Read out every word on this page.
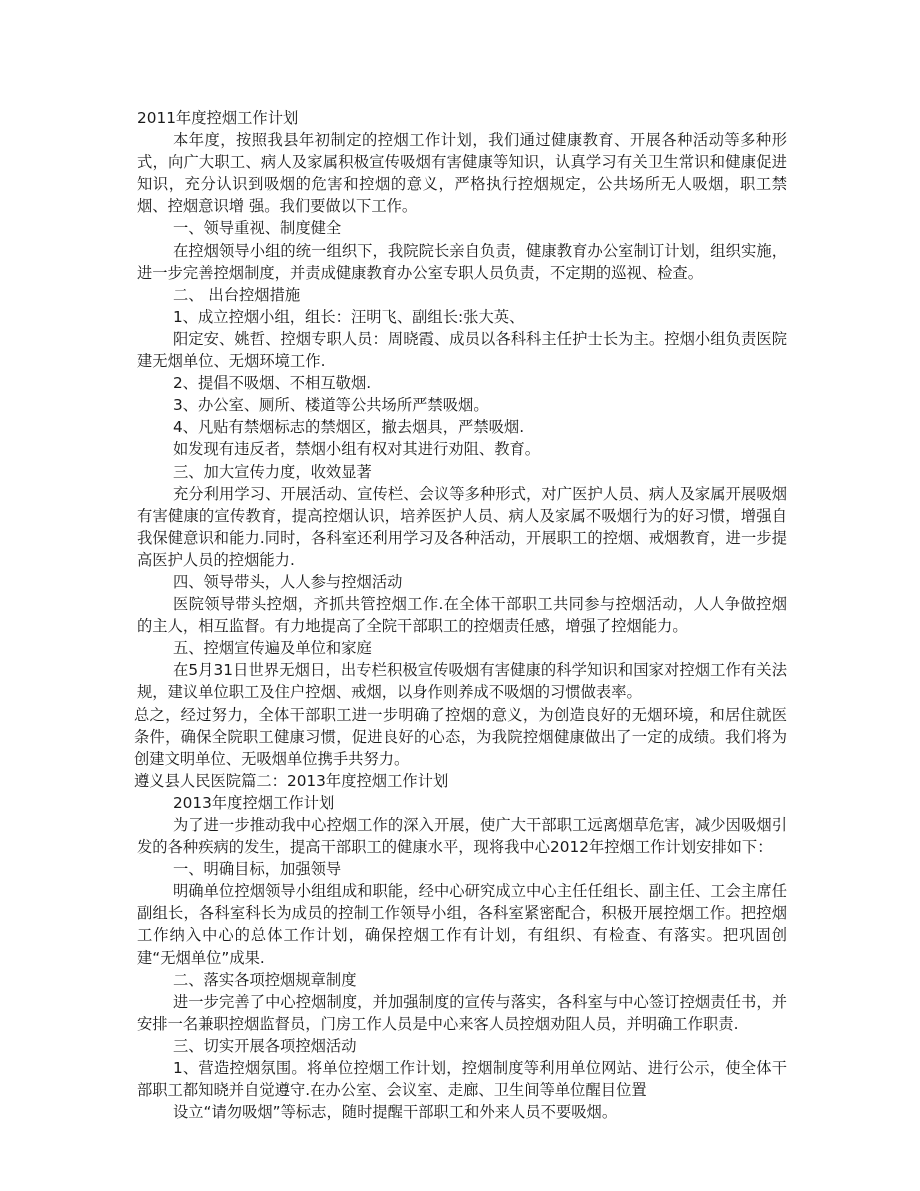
2011年度控烟工作计划

本年度，按照我县年初制定的控烟工作计划，我们通过健康教育、开展各种活动等多种形式，向广大职工、病人及家属积极宣传吸烟有害健康等知识，认真学习有关卫生常识和健康促进知识，充分认识到吸烟的危害和控烟的意义，严格执行控烟规定，公共场所无人吸烟，职工禁烟、控烟意识增 强。我们要做以下工作。

一、领导重视、制度健全

在控烟领导小组的统一组织下，我院院长亲自负责，健康教育办公室制订计划，组织实施，进一步完善控烟制度，并责成健康教育办公室专职人员负责，不定期的巡视、检查。

二、 出台控烟措施

1、成立控烟小组，组长：汪明飞、副组长:张大英、

阳定安、姚哲、控烟专职人员：周晓霞、成员以各科科主任护士长为主。控烟小组负责医院建无烟单位、无烟环境工作.

2、提倡不吸烟、不相互敬烟.

3、办公室、厕所、楼道等公共场所严禁吸烟。

4、凡贴有禁烟标志的禁烟区，撤去烟具，严禁吸烟.

如发现有违反者，禁烟小组有权对其进行劝阻、教育。

三、加大宣传力度，收效显著

充分利用学习、开展活动、宣传栏、会议等多种形式，对广医护人员、病人及家属开展吸烟有害健康的宣传教育，提高控烟认识，培养医护人员、病人及家属不吸烟行为的好习惯，增强自我保健意识和能力.同时，各科室还利用学习及各种活动，开展职工的控烟、戒烟教育，进一步提高医护人员的控烟能力.

四、领导带头，人人参与控烟活动

医院领导带头控烟，齐抓共管控烟工作.在全体干部职工共同参与控烟活动，人人争做控烟的主人，相互监督。有力地提高了全院干部职工的控烟责任感，增强了控烟能力。

五、控烟宣传遍及单位和家庭

在5月31日世界无烟日，出专栏积极宣传吸烟有害健康的科学知识和国家对控烟工作有关法规，建议单位职工及住户控烟、戒烟，以身作则养成不吸烟的习惯做表率。

总之，经过努力，全体干部职工进一步明确了控烟的意义，为创造良好的无烟环境，和居住就医条件，确保全院职工健康习惯，促进良好的心态，为我院控烟健康做出了一定的成绩。我们将为创建文明单位、无吸烟单位携手共努力。

遵义县人民医院篇二：2013年度控烟工作计划

2013年度控烟工作计划

为了进一步推动我中心控烟工作的深入开展，使广大干部职工远离烟草危害，减少因吸烟引发的各种疾病的发生，提高干部职工的健康水平，现将我中心2012年控烟工作计划安排如下：

一、明确目标，加强领导

明确单位控烟领导小组组成和职能，经中心研究成立中心主任任组长、副主任、工会主席任副组长，各科室科长为成员的控制工作领导小组，各科室紧密配合，积极开展控烟工作。把控烟工作纳入中心的总体工作计划，确保控烟工作有计划，有组织、有检查、有落实。把巩固创建“无烟单位”成果.

二、落实各项控烟规章制度

进一步完善了中心控烟制度，并加强制度的宣传与落实，各科室与中心签订控烟责任书，并安排一名兼职控烟监督员，门房工作人员是中心来客人员控烟劝阻人员，并明确工作职责.

三、切实开展各项控烟活动

1、营造控烟氛围。将单位控烟工作计划，控烟制度等利用单位网站、进行公示，使全体干部职工都知晓并自觉遵守.在办公室、会议室、走廊、卫生间等单位醒目位置

设立“请勿吸烟”等标志，随时提醒干部职工和外来人员不要吸烟。
